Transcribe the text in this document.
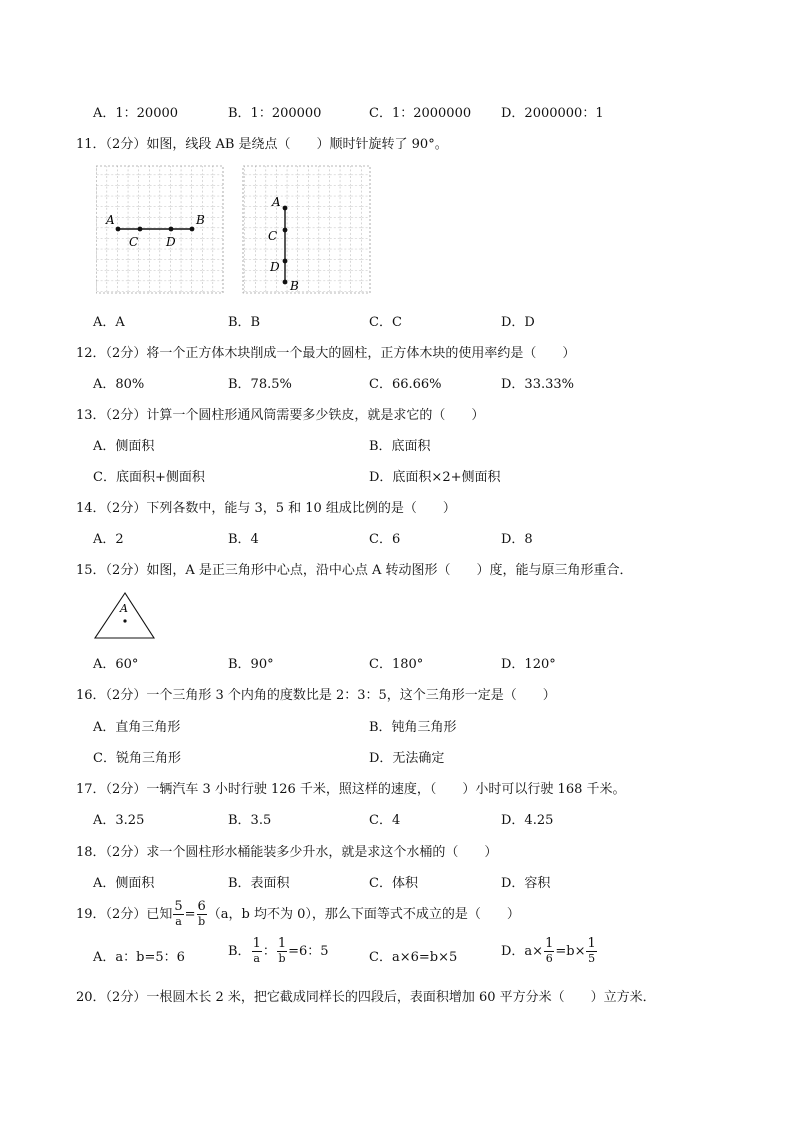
A．1：20000	B．1：200000	C．1：2000000 D．2000000：1
11．（2分）如图，线段 AB 是绕点（　　）顺时针旋转了 90°。
A
C D
B
A
C
D
B
A．A	B．B	C．C	D．D
12．（2分）将一个正方体木块削成一个最大的圆柱，正方体木块的使用率约是（　　）
A．80%	B．78.5%	C．66.66%	D．33.33%
13．（2分）计算一个圆柱形通风筒需要多少铁皮，就是求它的（　　）
A．侧面积	B．底面积
C．底面积+侧面积	D．底面积×2+侧面积
14．（2分）下列各数中，能与 3，5 和 10 组成比例的是（　　）
A．2	B．4	C．6	D．8
15．（2分）如图，A 是正三角形中心点，沿中心点 A 转动图形（　　）度，能与原三角形重合．
A
A．60°	B．90°	C．180°	D．120°
16．（2分）一个三角形 3 个内角的度数比是 2：3：5，这个三角形一定是（　　）
A．直角三角形	B．钝角三角形
C．锐角三角形	D．无法确定
17．（2分）一辆汽车 3 小时行驶 126 千米，照这样的速度，（　　）小时可以行驶 168 千米。
A．3.25	B．3.5	C．4	D．4.25
18．（2分）求一个圆柱形水桶能装多少升水，就是求这个水桶的（　　）
A．侧面积	B．表面积	C．体积	D．容积
19．（2分）已知 $\frac{5}{a} = \frac{6}{b} (a$，b 均不为 0），那么下面等式不成立的是（　　）
A．a：b=5：6	B． $\frac{1}{a}$ ： $\frac{1}{b} =6$：5	C．a×6=b×5	D．$a\times \frac{1}{6} =b\times \frac{1}{5}$
20．（2分）一根圆木长 2 米，把它截成同样长的四段后，表面积增加 60 平方分米（　　）立方米．
